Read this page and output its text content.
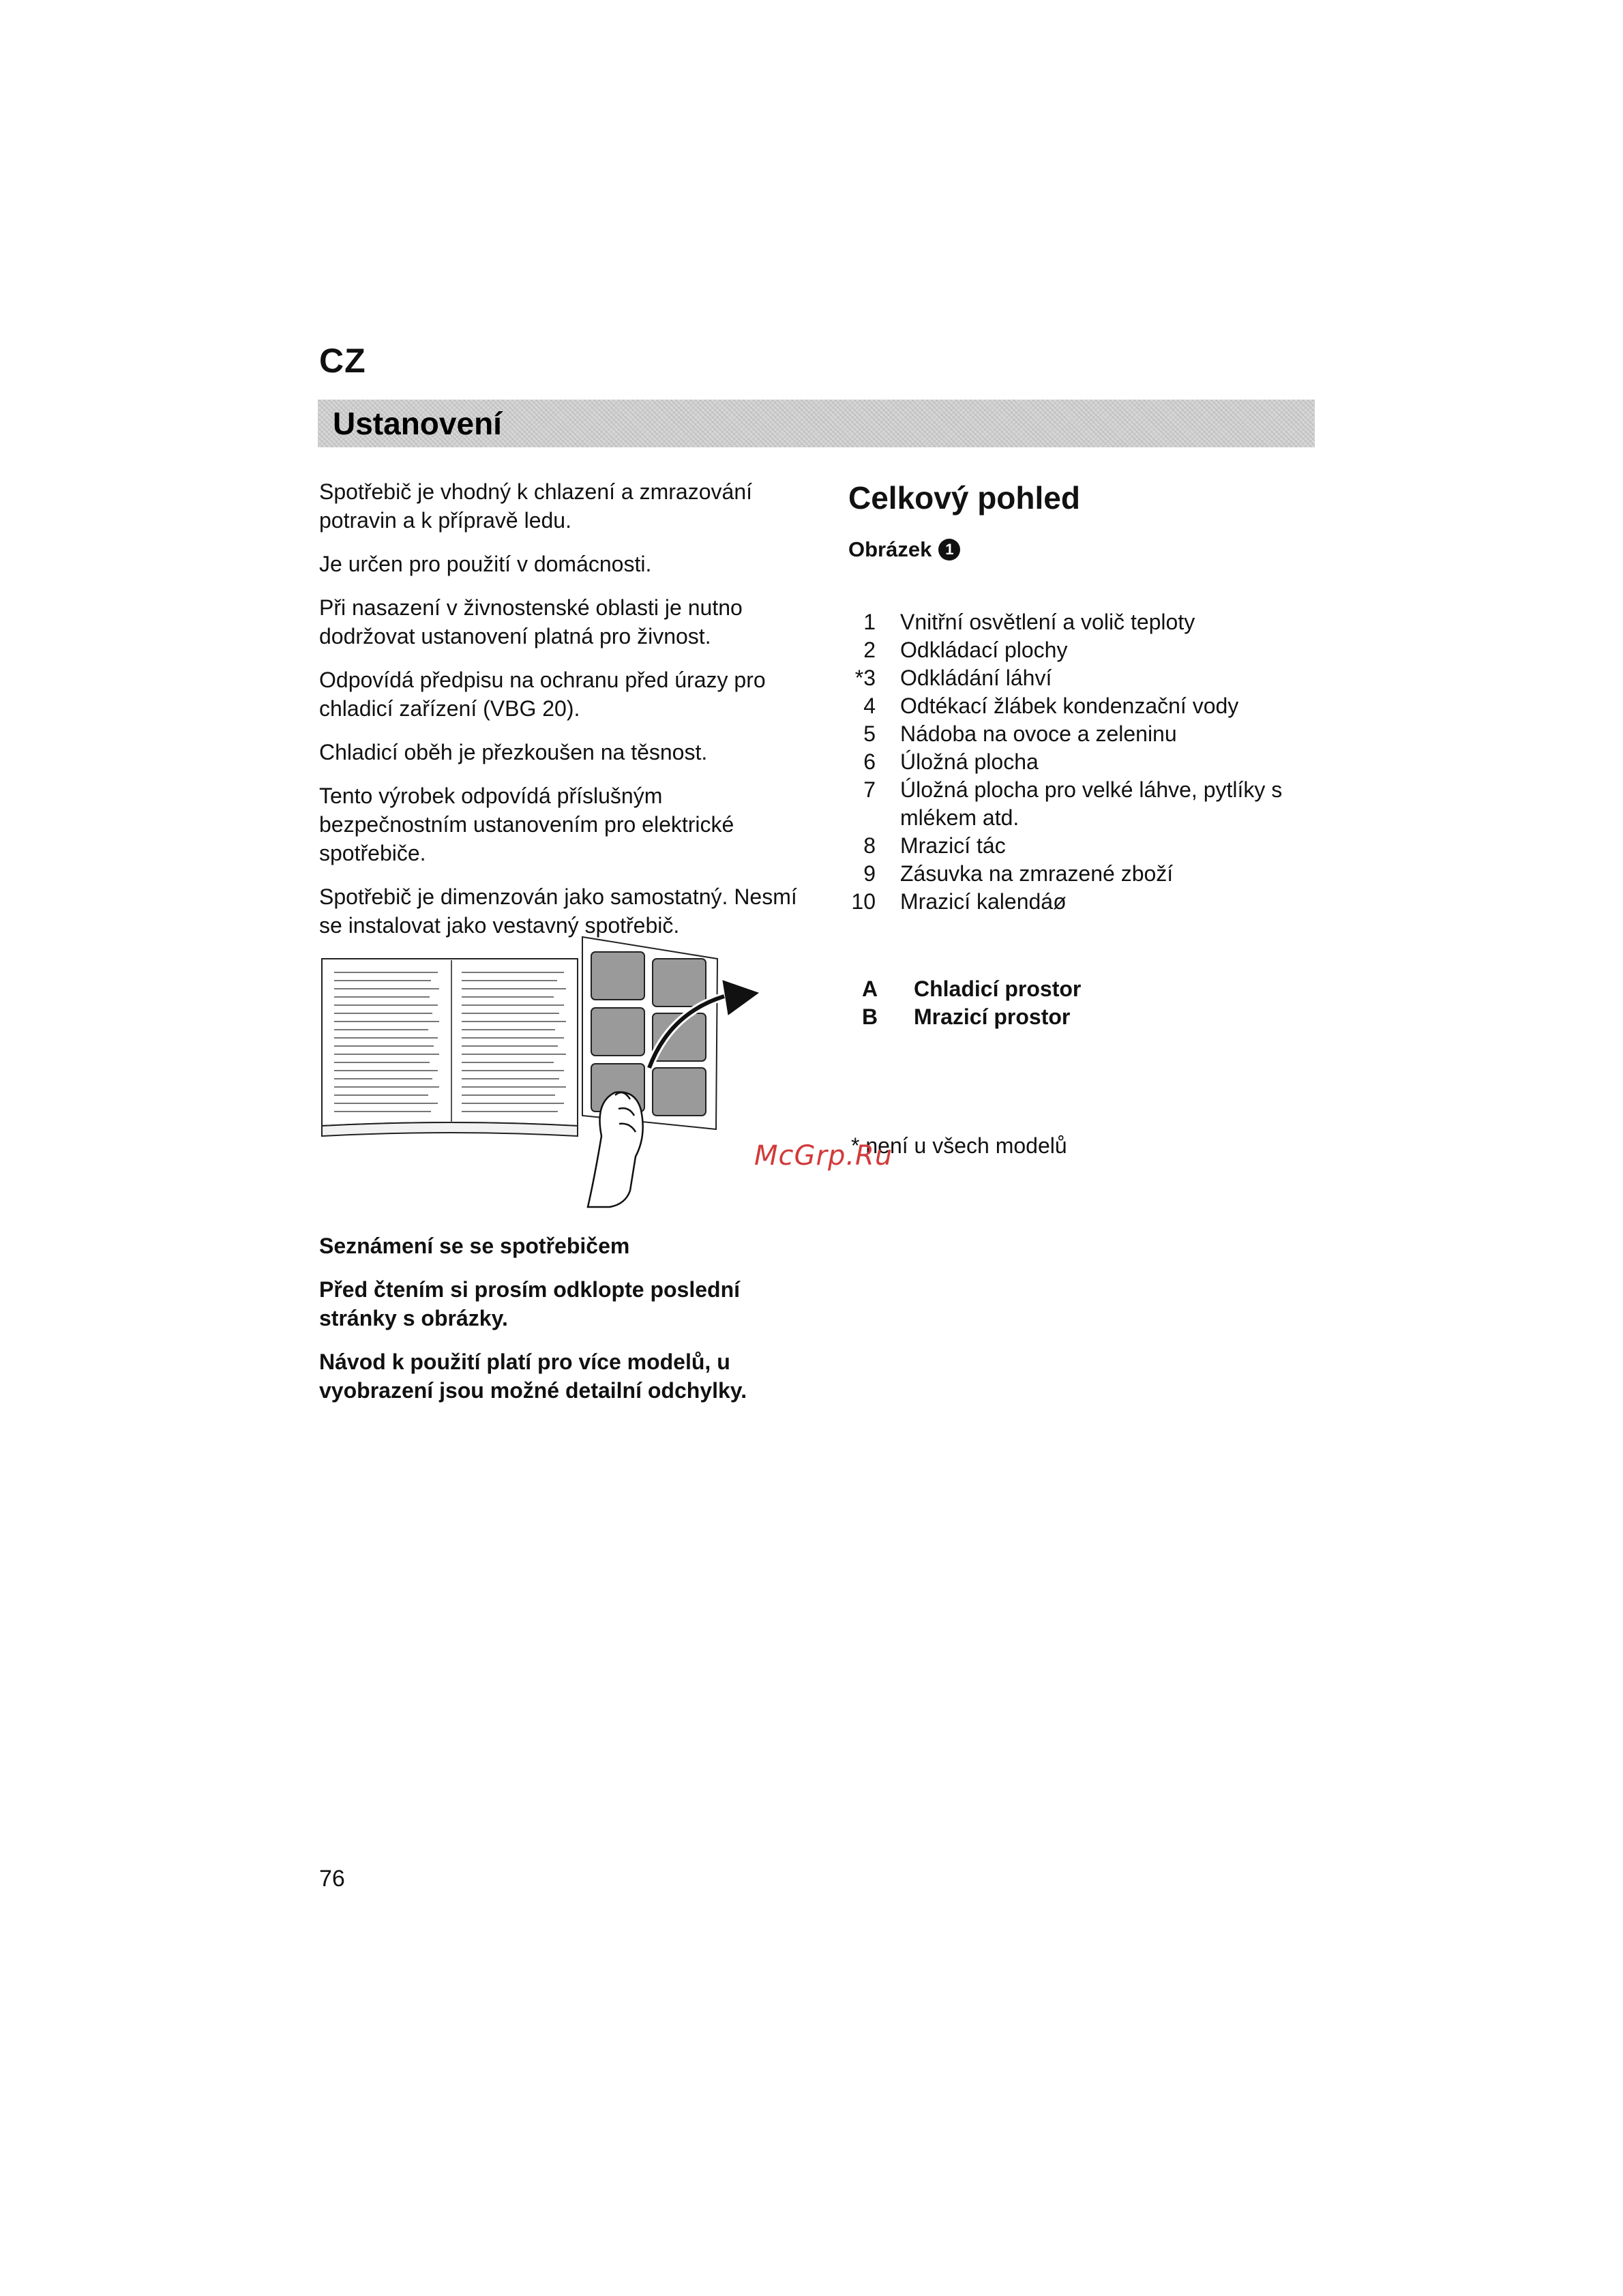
CZ
Ustanovení

Spotřebič je vhodný k chlazení a zmrazování potravin a k přípravě ledu.

Je určen pro použití v domácnosti.

Při nasazení v živnostenské oblasti je nutno dodržovat ustanovení platná pro živnost.

Odpovídá předpisu na ochranu před úrazy pro chladicí zařízení (VBG 20).

Chladicí oběh je přezkoušen na těsnost.

Tento výrobek odpovídá příslušným bezpečnostním ustanovením pro elektrické spotřebiče.

Spotřebič je dimenzován jako samostatný. Nesmí se instalovat jako vestavný spotřebič.

Seznámení se se spotřebičem

Před čtením si prosím odklopte poslední stránky s obrázky.

Návod k použití platí pro více modelů, u vyobrazení jsou možné detailní odchylky.

Celkový pohled
Obrázek 1
1 Vnitřní osvětlení a volič teploty
2 Odkládací plochy
*3 Odkládání láhví
4 Odtékací žlábek kondenzační vody
5 Nádoba na ovoce a zeleninu
6 Úložná plocha
7 Úložná plocha pro velké láhve, pytlíky s mlékem atd.
8 Mrazicí tác
9 Zásuvka na zmrazené zboží
10 Mrazicí kalendáø
A	Chladicí prostor
B	Mrazicí prostor
* není u všech modelů
McGrp.Ru
76
